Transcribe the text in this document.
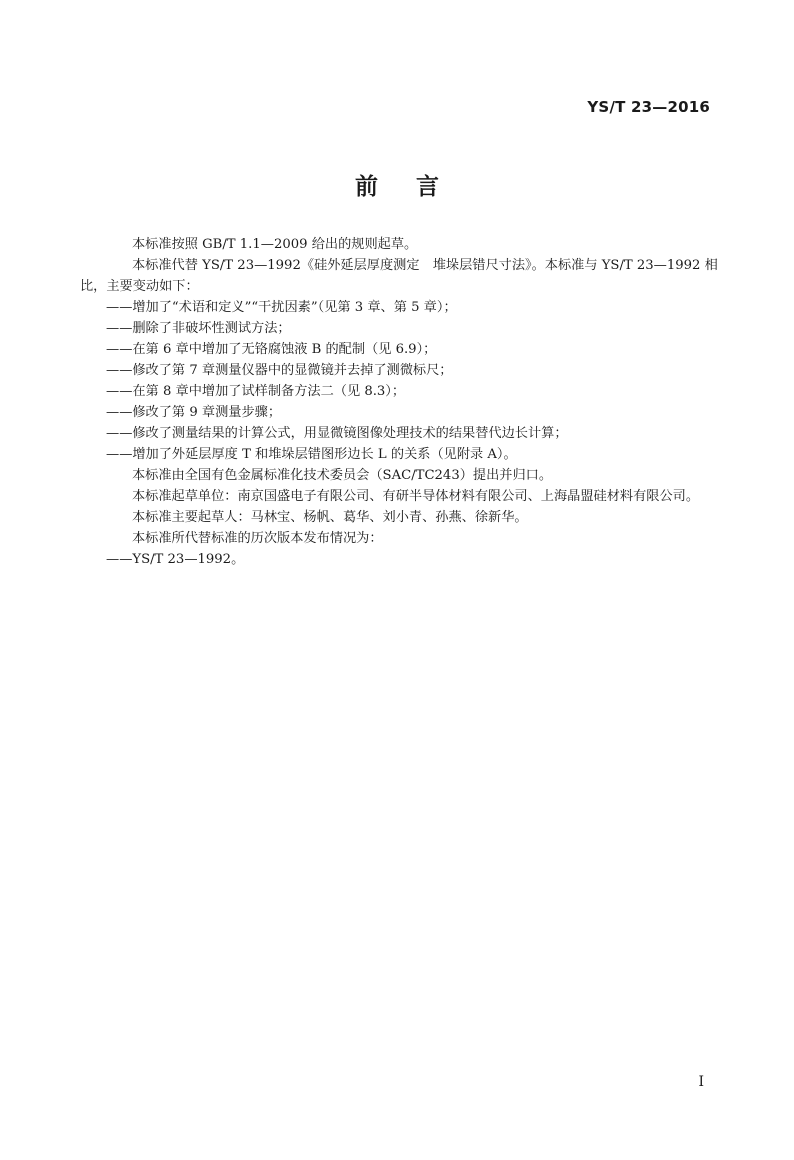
YS/T 23—2016
前言

本标准按照 GB/T 1.1—2009 给出的规则起草。

本标准代替 YS/T 23—1992《硅外延层厚度测定　堆垛层错尺寸法》。本标准与 YS/T 23—1992 相

比，主要变动如下：

——增加了“术语和定义”“干扰因素”（见第 3 章、第 5 章）；

——删除了非破坏性测试方法；

——在第 6 章中增加了无铬腐蚀液 B 的配制（见 6.9）；

——修改了第 7 章测量仪器中的显微镜并去掉了测微标尺；

——在第 8 章中增加了试样制备方法二（见 8.3）；

——修改了第 9 章测量步骤；

——修改了测量结果的计算公式，用显微镜图像处理技术的结果替代边长计算；

——增加了外延层厚度 T 和堆垛层错图形边长 L 的关系（见附录 A）。

本标准由全国有色金属标准化技术委员会（SAC/TC243）提出并归口。

本标准起草单位：南京国盛电子有限公司、有研半导体材料有限公司、上海晶盟硅材料有限公司。

本标准主要起草人：马林宝、杨帆、葛华、刘小青、孙燕、徐新华。

本标准所代替标准的历次版本发布情况为：

——YS/T 23—1992。

I
